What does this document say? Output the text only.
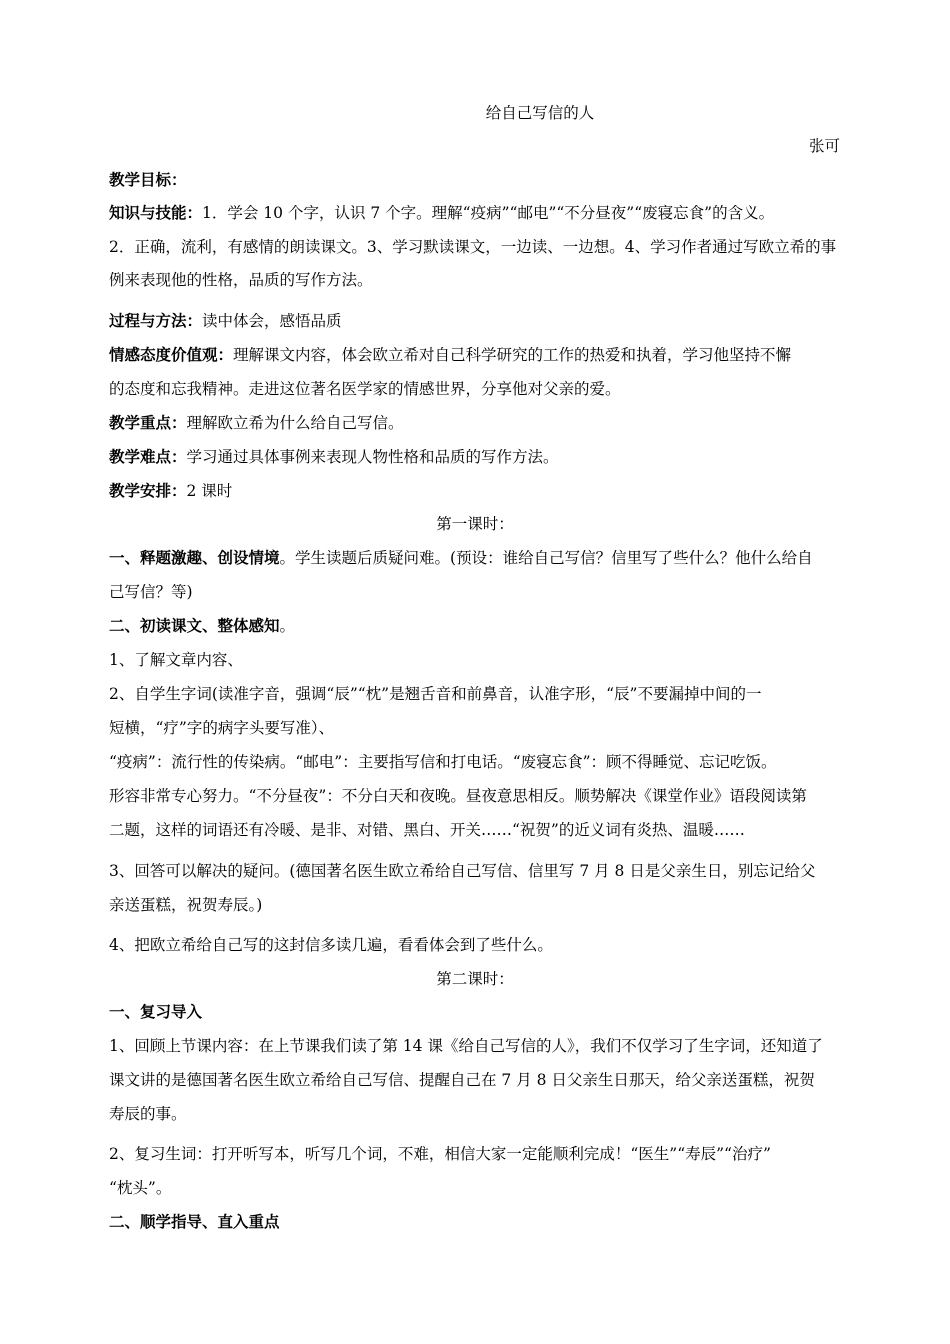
给自己写信的人
张可
教学目标：
知识与技能：1．学会 10 个字，认识 7 个字。理解“疫病”“邮电”“不分昼夜”“废寝忘食”的含义。
2．正确，流利，有感情的朗读课文。3、学习默读课文，一边读、一边想。4、学习作者通过写欧立希的事
例来表现他的性格，品质的写作方法。
过程与方法：读中体会，感悟品质
情感态度价值观：理解课文内容，体会欧立希对自己科学研究的工作的热爱和执着，学习他坚持不懈
的态度和忘我精神。走进这位著名医学家的情感世界，分享他对父亲的爱。
教学重点：理解欧立希为什么给自己写信。
教学难点：学习通过具体事例来表现人物性格和品质的写作方法。
教学安排：2 课时
第一课时：
一、释题激趣、创设情境。学生读题后质疑问难。(预设：谁给自己写信？信里写了些什么？他什么给自
己写信？等)
二、初读课文、整体感知。
1、了解文章内容、
2、自学生字词(读准字音，强调“辰”“枕”是翘舌音和前鼻音，认准字形，“辰”不要漏掉中间的一
短横，“疗”字的病字头要写准）、
“疫病”：流行性的传染病。“邮电”：主要指写信和打电话。“废寝忘食”：顾不得睡觉、忘记吃饭。
形容非常专心努力。“不分昼夜”：不分白天和夜晚。昼夜意思相反。顺势解决《课堂作业》语段阅读第
二题，这样的词语还有冷暖、是非、对错、黑白、开关……“祝贺”的近义词有炎热、温暖……
3、回答可以解决的疑问。(德国著名医生欧立希给自己写信、信里写 7 月 8 日是父亲生日，别忘记给父
亲送蛋糕，祝贺寿辰。)
4、把欧立希给自己写的这封信多读几遍，看看体会到了些什么。
第二课时：
一、复习导入
1、回顾上节课内容：在上节课我们读了第 14 课《给自己写信的人》，我们不仅学习了生字词，还知道了
课文讲的是德国著名医生欧立希给自己写信、提醒自己在 7 月 8 日父亲生日那天，给父亲送蛋糕，祝贺
寿辰的事。
2、复习生词：打开听写本，听写几个词，不难，相信大家一定能顺利完成！“医生”“寿辰”“治疗”
“枕头”。
二、顺学指导、直入重点
